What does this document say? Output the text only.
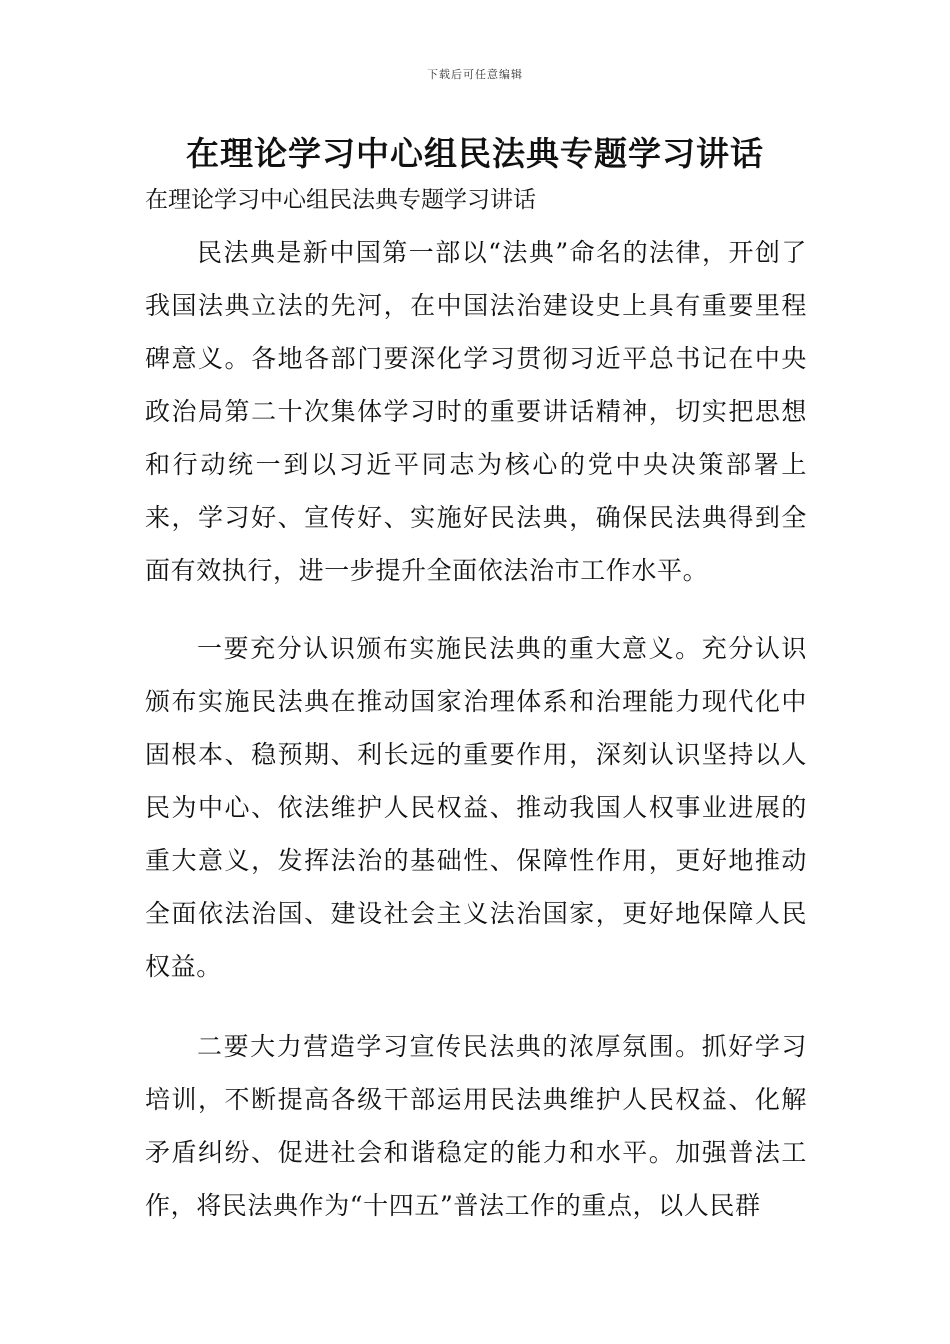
下载后可任意编辑
在理论学习中心组民法典专题学习讲话

在理论学习中心组民法典专题学习讲话

民法典是新中国第一部以“法典”命名的法律，开创了我国法典立法的先河，在中国法治建设史上具有重要里程碑意义。各地各部门要深化学习贯彻习近平总书记在中央政治局第二十次集体学习时的重要讲话精神，切实把思想和行动统一到以习近平同志为核心的党中央决策部署上来，学习好、宣传好、实施好民法典，确保民法典得到全面有效执行，进一步提升全面依法治市工作水平。

一要充分认识颁布实施民法典的重大意义。充分认识颁布实施民法典在推动国家治理体系和治理能力现代化中固根本、稳预期、利长远的重要作用，深刻认识坚持以人民为中心、依法维护人民权益、推动我国人权事业进展的重大意义，发挥法治的基础性、保障性作用，更好地推动全面依法治国、建设社会主义法治国家，更好地保障人民权益。

二要大力营造学习宣传民法典的浓厚氛围。抓好学习培训，不断提高各级干部运用民法典维护人民权益、化解矛盾纠纷、促进社会和谐稳定的能力和水平。加强普法工作，将民法典作为“十四五”普法工作的重点，以人民群
